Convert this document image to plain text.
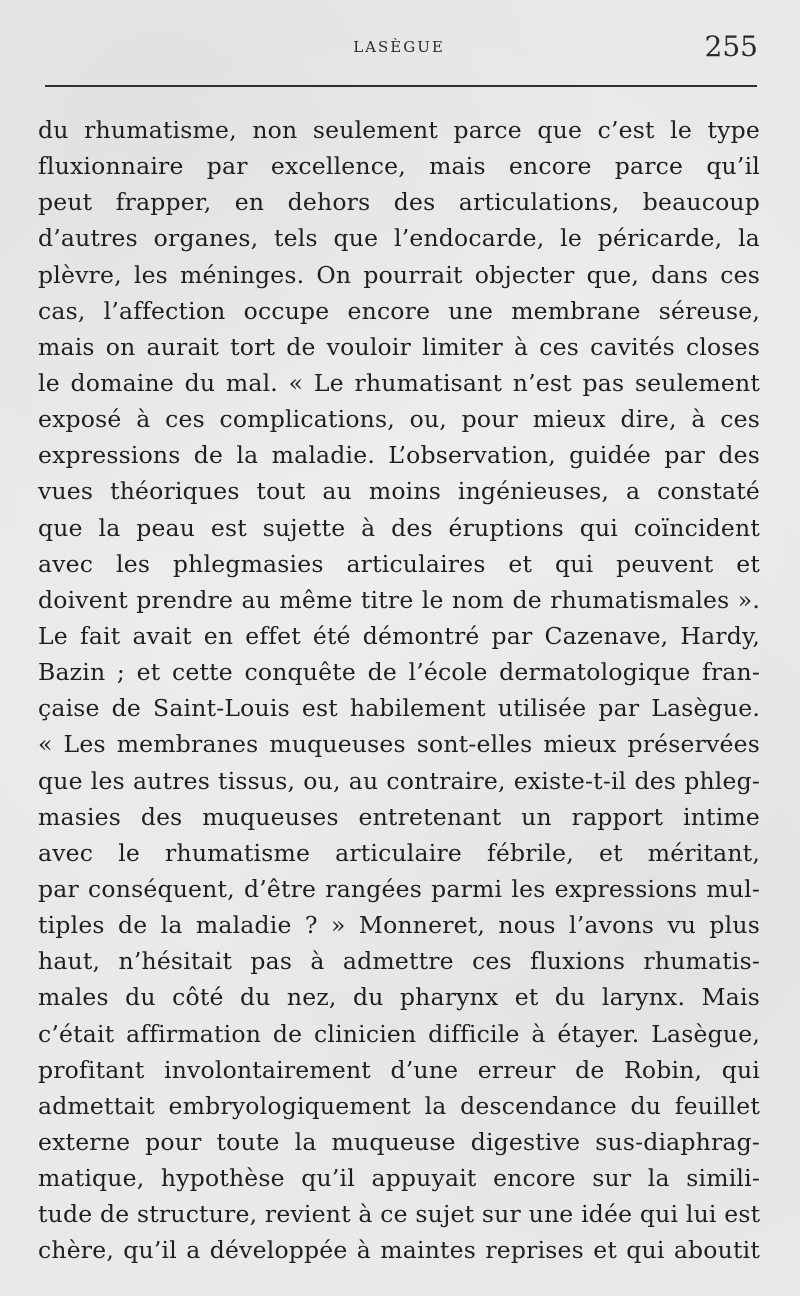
LASÈGUE	255
du rhumatisme, non seulement parce que c’est le type
fluxionnaire par excellence, mais encore parce qu’il
peut frapper, en dehors des articulations, beaucoup
d’autres organes, tels que l’endocarde, le péricarde, la
plèvre, les méninges. On pourrait objecter que, dans ces
cas, l’affection occupe encore une membrane séreuse,
mais on aurait tort de vouloir limiter à ces cavités closes
le domaine du mal. « Le rhumatisant n’est pas seulement
exposé à ces complications, ou, pour mieux dire, à ces
expressions de la maladie. L’observation, guidée par des
vues théoriques tout au moins ingénieuses, a constaté
que la peau est sujette à des éruptions qui coïncident
avec les phlegmasies articulaires et qui peuvent et
doivent prendre au même titre le nom de rhumatismales ».
Le fait avait en effet été démontré par Cazenave, Hardy,
Bazin ; et cette conquête de l’école dermatologique fran-
çaise de Saint-Louis est habilement utilisée par Lasègue.
« Les membranes muqueuses sont-elles mieux préservées
que les autres tissus, ou, au contraire, existe-t-il des phleg-
masies des muqueuses entretenant un rapport intime
avec le rhumatisme articulaire fébrile, et méritant,
par conséquent, d’être rangées parmi les expressions mul-
tiples de la maladie ? » Monneret, nous l’avons vu plus
haut, n’hésitait pas à admettre ces fluxions rhumatis-
males du côté du nez, du pharynx et du larynx. Mais
c’était affirmation de clinicien difficile à étayer. Lasègue,
profitant involontairement d’une erreur de Robin, qui
admettait embryologiquement la descendance du feuillet
externe pour toute la muqueuse digestive sus-diaphrag-
matique, hypothèse qu’il appuyait encore sur la simili-
tude de structure, revient à ce sujet sur une idée qui lui est
chère, qu’il a développée à maintes reprises et qui aboutit
